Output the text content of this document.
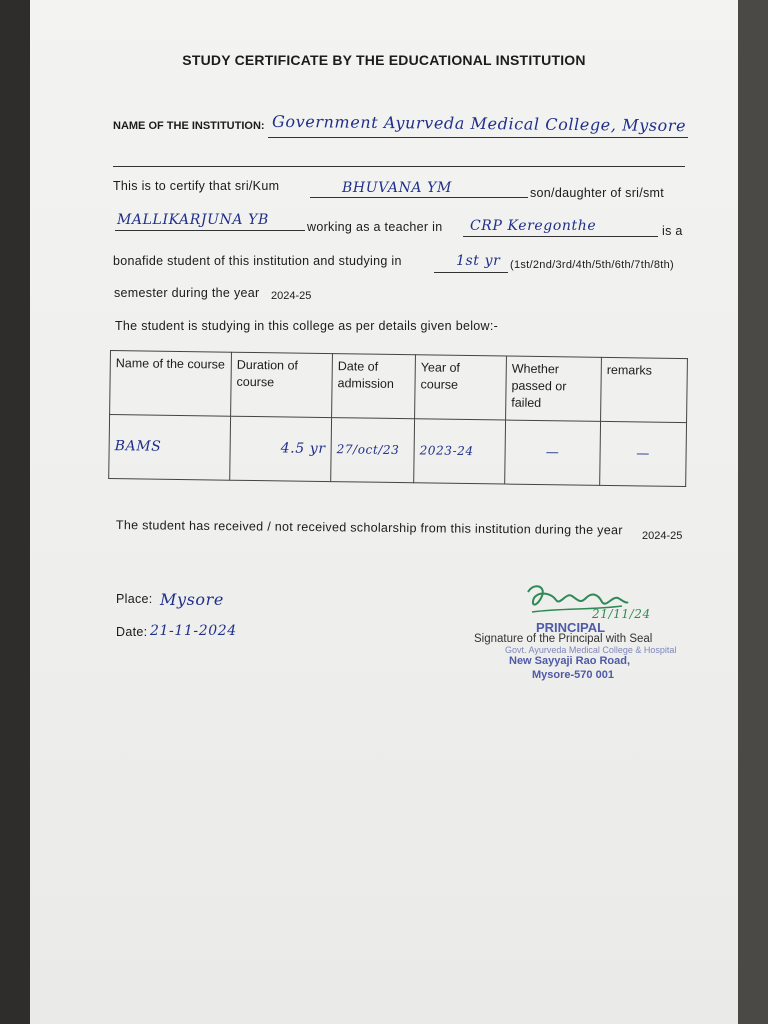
STUDY CERTIFICATE BY THE EDUCATIONAL INSTITUTION
NAME OF THE INSTITUTION: Government Ayurveda Medical College, Mysore
This is to certify that sri/Kum	BHUVANA YM	son/daughter of sri/smt
MALLIKARJUNA YB	working as a teacher in CRP Keregonthe	is a
bonafide student of this institution and studying in	1st yr (1st/2nd/3rd/4th/5th/6th/7th/8th)
semester during the year 2024-25
The student is studying in this college as per details given below:-
Name of the course	Duration of course	Date of admission	Year of course	Whether passed or failed	remarks
BAMS	4.5 yr	27/oct/23	2023-24	—	—
The student has received / not received scholarship from this institution during the year 2024-25
Place: Mysore
Date: 21-11-2024
21/11/24
PRINCIPAL
Signature of the Principal with Seal
Govt. Ayurveda Medical College & Hospital
New Sayyaji Rao Road,
Mysore-570 001
